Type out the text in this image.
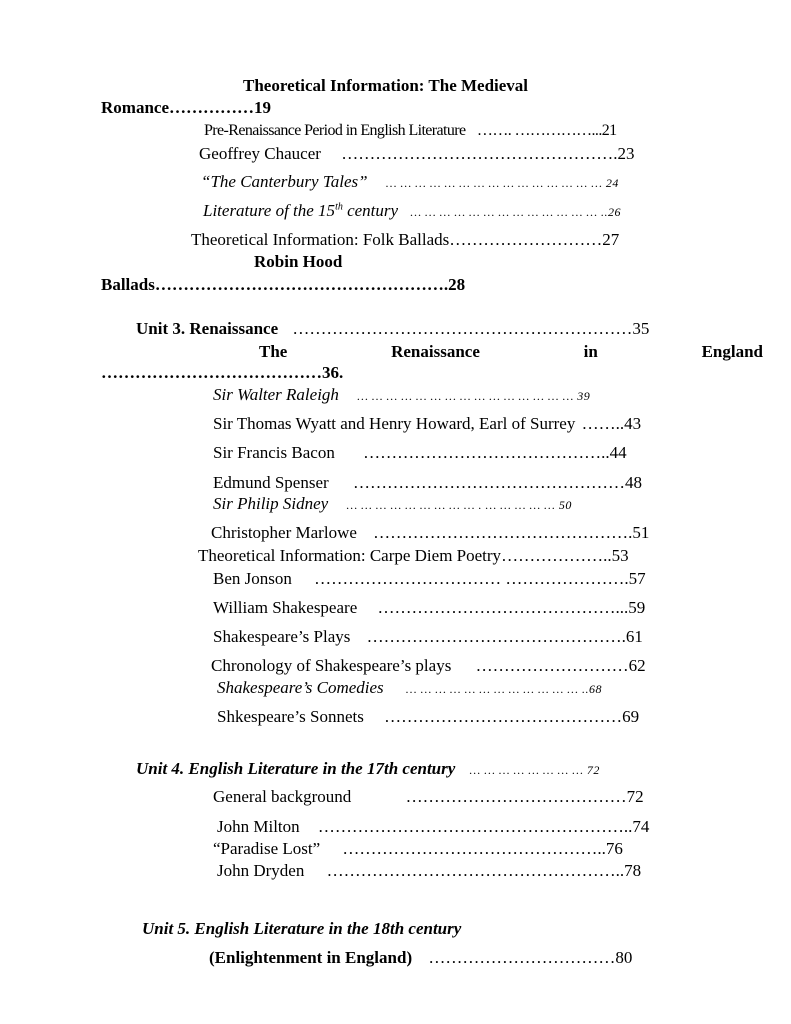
Theoretical Information: The Medieval
Romance……………19
Pre-Renaissance Period in English Literature ……. ……………...21
Geoffrey Chaucer ………………………………………….23
“The Canterbury Tales” … … … … … … … … … … … … … … … 24
Literature of the 15th century … … … … … … … … … … … … … ..26
Theoretical Information: Folk Ballads………………………27
Robin Hood
Ballads…………………………………………….28
Unit 3. Renaissance ……………………………………………………35
The	Renaissance	in	England
…………………………………36.
Sir Walter Raleigh … … … … … … … … … … … … … … … 39
Sir Thomas Wyatt and Henry Howard, Earl of Surrey ……..43
Sir Francis Bacon ……………………………………..44
Edmund Spenser …………………………………………48
Sir Philip Sidney … … … … … … … … … . … … … … … 50
Christopher Marlowe ……………………………………….51
Theoretical Information: Carpe Diem Poetry………………..53
Ben Jonson …………………………… ………………….57
William Shakespeare ……………………………………...59
Shakespeare’s Plays ……………………………………….61
Chronology of Shakespeare’s plays ………………………62
Shakespeare’s Comedies … … … … … … … … … … … … ..68
Shkespeare’s Sonnets ……………………………………69
Unit 4. English Literature in the 17th century … … … … … … … … 72
General background	…………………………………72
John Milton ………………………………………………..74
“Paradise Lost” ………………………………………..76
John Dryden ……………………………………………..78
Unit 5. English Literature in the 18th century
(Enlightenment in England) ……………………………80
